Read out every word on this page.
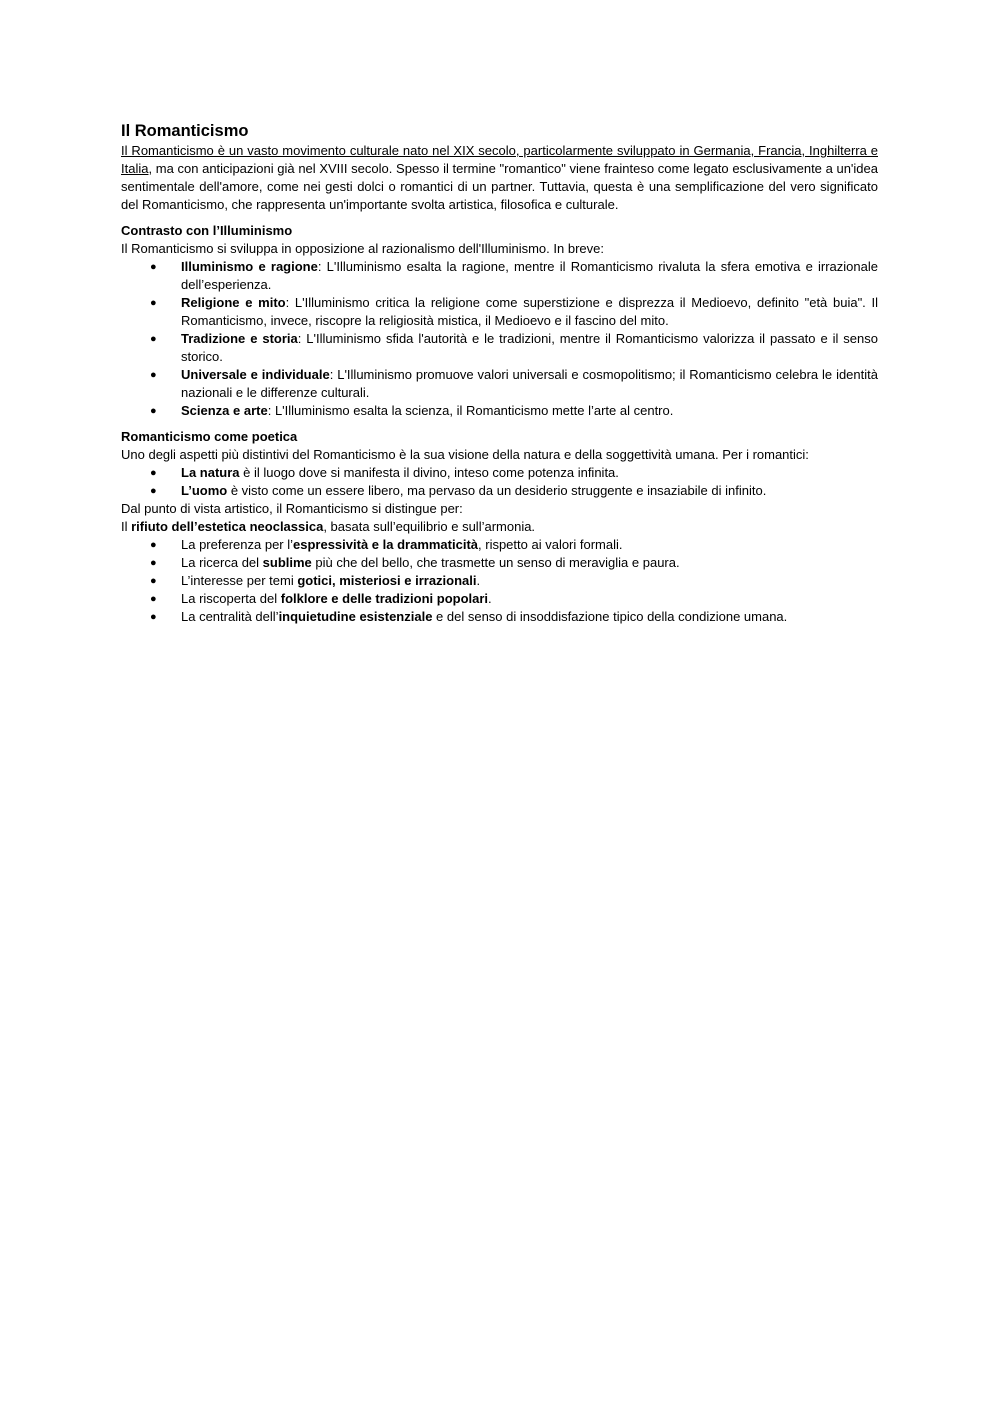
Il Romanticismo

Il Romanticismo è un vasto movimento culturale nato nel XIX secolo, particolarmente sviluppato in Germania, Francia, Inghilterra e Italia, ma con anticipazioni già nel XVIII secolo. Spesso il termine "romantico" viene frainteso come legato esclusivamente a un'idea sentimentale dell'amore, come nei gesti dolci o romantici di un partner. Tuttavia, questa è una semplificazione del vero significato del Romanticismo, che rappresenta un'importante svolta artistica, filosofica e culturale.

Contrasto con l’Illuminismo

Il Romanticismo si sviluppa in opposizione al razionalismo dell'Illuminismo. In breve:

● Illuminismo e ragione: L'Illuminismo esalta la ragione, mentre il Romanticismo rivaluta la sfera emotiva e irrazionale dell’esperienza.
● Religione e mito: L'Illuminismo critica la religione come superstizione e disprezza il Medioevo, definito "età buia". Il Romanticismo, invece, riscopre la religiosità mistica, il Medioevo e il fascino del mito.
● Tradizione e storia: L'Illuminismo sfida l'autorità e le tradizioni, mentre il Romanticismo valorizza il passato e il senso storico.
● Universale e individuale: L'Illuminismo promuove valori universali e cosmopolitismo; il Romanticismo celebra le identità nazionali e le differenze culturali.
● Scienza e arte: L'Illuminismo esalta la scienza, il Romanticismo mette l’arte al centro.

Romanticismo come poetica

Uno degli aspetti più distintivi del Romanticismo è la sua visione della natura e della soggettività umana. Per i romantici:

● La natura è il luogo dove si manifesta il divino, inteso come potenza infinita.
● L’uomo è visto come un essere libero, ma pervaso da un desiderio struggente e insaziabile di infinito.

Dal punto di vista artistico, il Romanticismo si distingue per:

Il rifiuto dell’estetica neoclassica, basata sull’equilibrio e sull’armonia.

● La preferenza per l’espressività e la drammaticità, rispetto ai valori formali.
● La ricerca del sublime più che del bello, che trasmette un senso di meraviglia e paura.
● L’interesse per temi gotici, misteriosi e irrazionali.
● La riscoperta del folklore e delle tradizioni popolari.
● La centralità dell’inquietudine esistenziale e del senso di insoddisfazione tipico della condizione umana.
